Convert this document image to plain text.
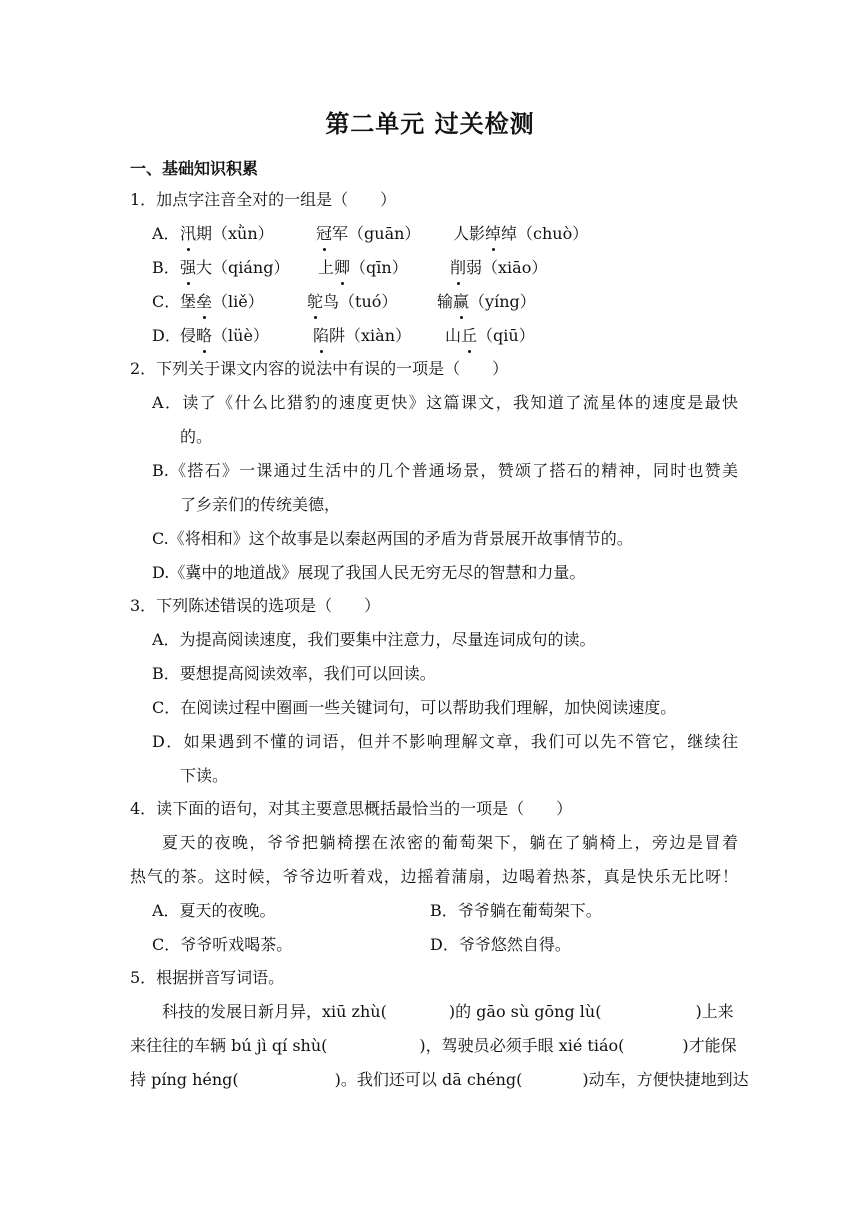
第二单元 过关检测
一、基础知识积累
1．加点字注音全对的一组是（　　）
A． 汛期（xǜn）	冠军（guān） 人影绰绰（chuò）
B． 强大（qiáng） 上卿（qīn）	削弱（xiāo）
C． 堡垒（liě）	鸵鸟（tuó） 输赢（yíng）
D． 侵略（lüè）	陷阱（xiàn） 山丘（qiū）
2．下列关于课文内容的说法中有误的一项是（　　）
A．读了《什么比猎豹的速度更快》这篇课文，我知道了流星体的速度是最快
的。
B.《搭石》一课通过生活中的几个普通场景，赞颂了搭石的精神，同时也赞美
了乡亲们的传统美德，
C.《将相和》这个故事是以秦赵两国的矛盾为背景展开故事情节的。
D.《冀中的地道战》展现了我国人民无穷无尽的智慧和力量。
3．下列陈述错误的选项是（　　）
A．为提高阅读速度，我们要集中注意力，尽量连词成句的读。
B．要想提高阅读效率，我们可以回读。
C．在阅读过程中圈画一些关键词句，可以帮助我们理解，加快阅读速度。
D．如果遇到不懂的词语，但并不影响理解文章，我们可以先不管它，继续往
下读。
4．读下面的语句，对其主要意思概括最恰当的一项是（　　）
夏天的夜晚，爷爷把躺椅摆在浓密的葡萄架下，躺在了躺椅上，旁边是冒着
热气的茶。这时候，爷爷边听着戏，边摇着蒲扇，边喝着热茶，真是快乐无比呀！
A．夏天的夜晚。	B．爷爷躺在葡萄架下。
C．爷爷听戏喝茶。	D．爷爷悠然自得。
5．根据拼音写词语。
科技的发展日新月异，xiū zhù(	)的 gāo sù gōng lù(	)上来
来往往的车辆 bú jì qí shù(	)，驾驶员必须手眼 xié tiáo(	)才能保
持 píng héng(	)。我们还可以 dā chéng(	)动车，方便快捷地到达
